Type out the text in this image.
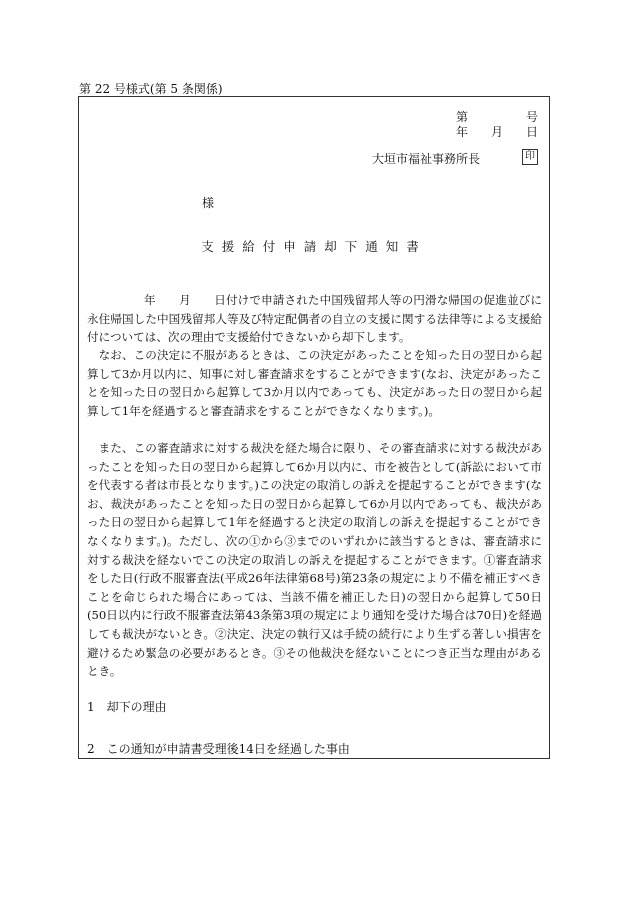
第 22 号様式(第 5 条関係)
第	号
年 月 日
大垣市福祉事務所長	印
様
支援給付申請却下通知書

年　　月　　日付けで申請された中国残留邦人等の円滑な帰国の促進並びに永住帰国した中国残留邦人等及び特定配偶者の自立の支援に関する法律等による支援給付については、次の理由で支援給付できないから却下します。

なお、この決定に不服があるときは、この決定があったことを知った日の翌日から起算して3か月以内に、知事に対し審査請求をすることができます(なお、決定があったことを知った日の翌日から起算して3か月以内であっても、決定があった日の翌日から起算して1年を経過すると審査請求をすることができなくなります。)。

また、この審査請求に対する裁決を経た場合に限り、その審査請求に対する裁決があったことを知った日の翌日から起算して6か月以内に、市を被告として(訴訟において市を代表する者は市長となります。)この決定の取消しの訴えを提起することができます(なお、裁決があったことを知った日の翌日から起算して6か月以内であっても、裁決があった日の翌日から起算して1年を経過すると決定の取消しの訴えを提起することができなくなります。)。ただし、次の①から③までのいずれかに該当するときは、審査請求に対する裁決を経ないでこの決定の取消しの訴えを提起することができます。①審査請求をした日(行政不服審査法(平成26年法律第68号)第23条の規定により不備を補正すべきことを命じられた場合にあっては、当該不備を補正した日)の翌日から起算して50日(50日以内に行政不服審査法第43条第3項の規定により通知を受けた場合は70日)を経過しても裁決がないとき。②決定、決定の執行又は手続の続行により生ずる著しい損害を避けるため緊急の必要があるとき。③その他裁決を経ないことにつき正当な理由があるとき。

1　却下の理由
2　この通知が申請書受理後14日を経過した事由
